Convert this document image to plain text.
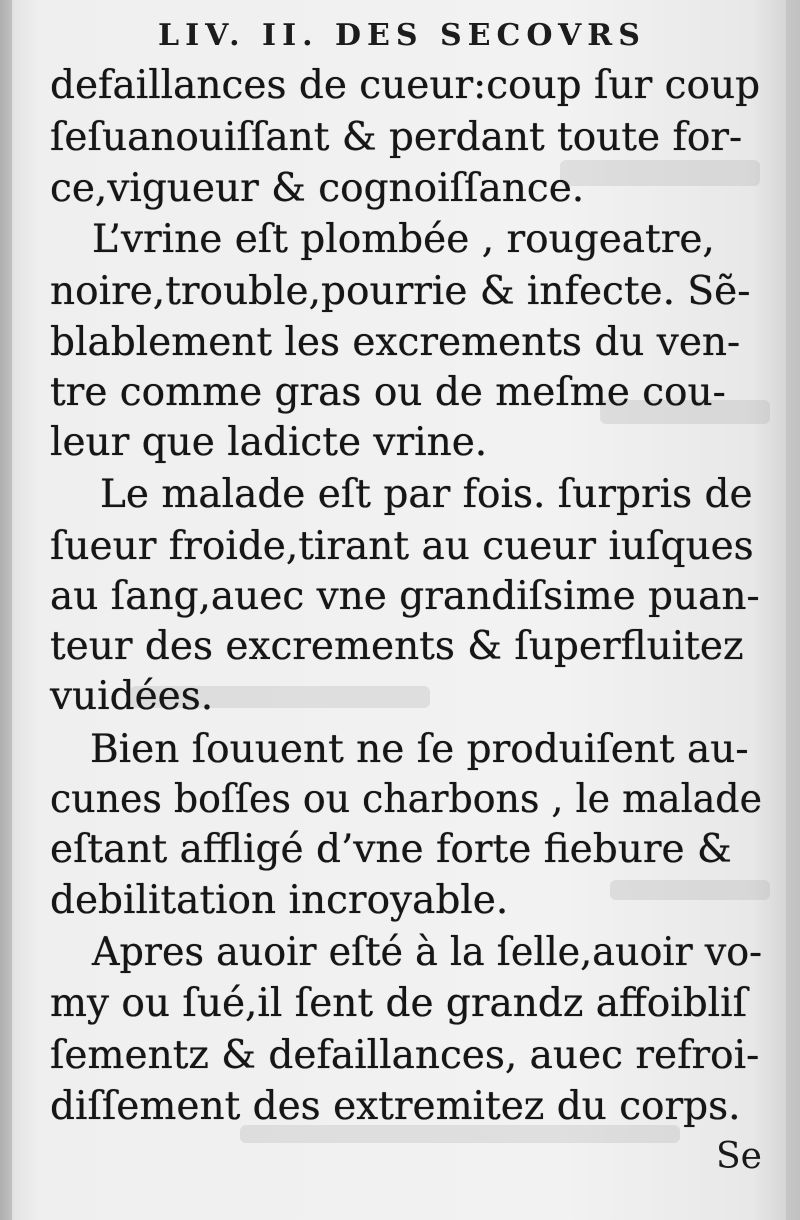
LIV. II. DES SECOVRS
defaillances de cueur:coup ſur coup
ſeſuanouiſſant & perdant toute for-
ce,vigueur & cognoiſſance.
L’vrine eſt plombée , rougeatre,
noire,trouble,pourrie & infecte. Sẽ-
blablement les excrements du ven-
tre comme gras ou de meſme cou-
leur que ladicte vrine.
Le malade eſt par fois. ſurpris de
ſueur froide,tirant au cueur iuſques
au ſang,auec vne grandiſsime puan-
teur des excrements & ſuperfluitez
vuidées.
Bien ſouuent ne ſe produiſent au-
cunes boſſes ou charbons , le malade
eſtant affligé d’vne forte fiebure &
debilitation incroyable.
Apres auoir eſté à la ſelle,auoir vo-
my ou ſué,il ſent de grandz affoibliſ
ſementz & defaillances, auec refroi-
diſſement des extremitez du corps.
Se
